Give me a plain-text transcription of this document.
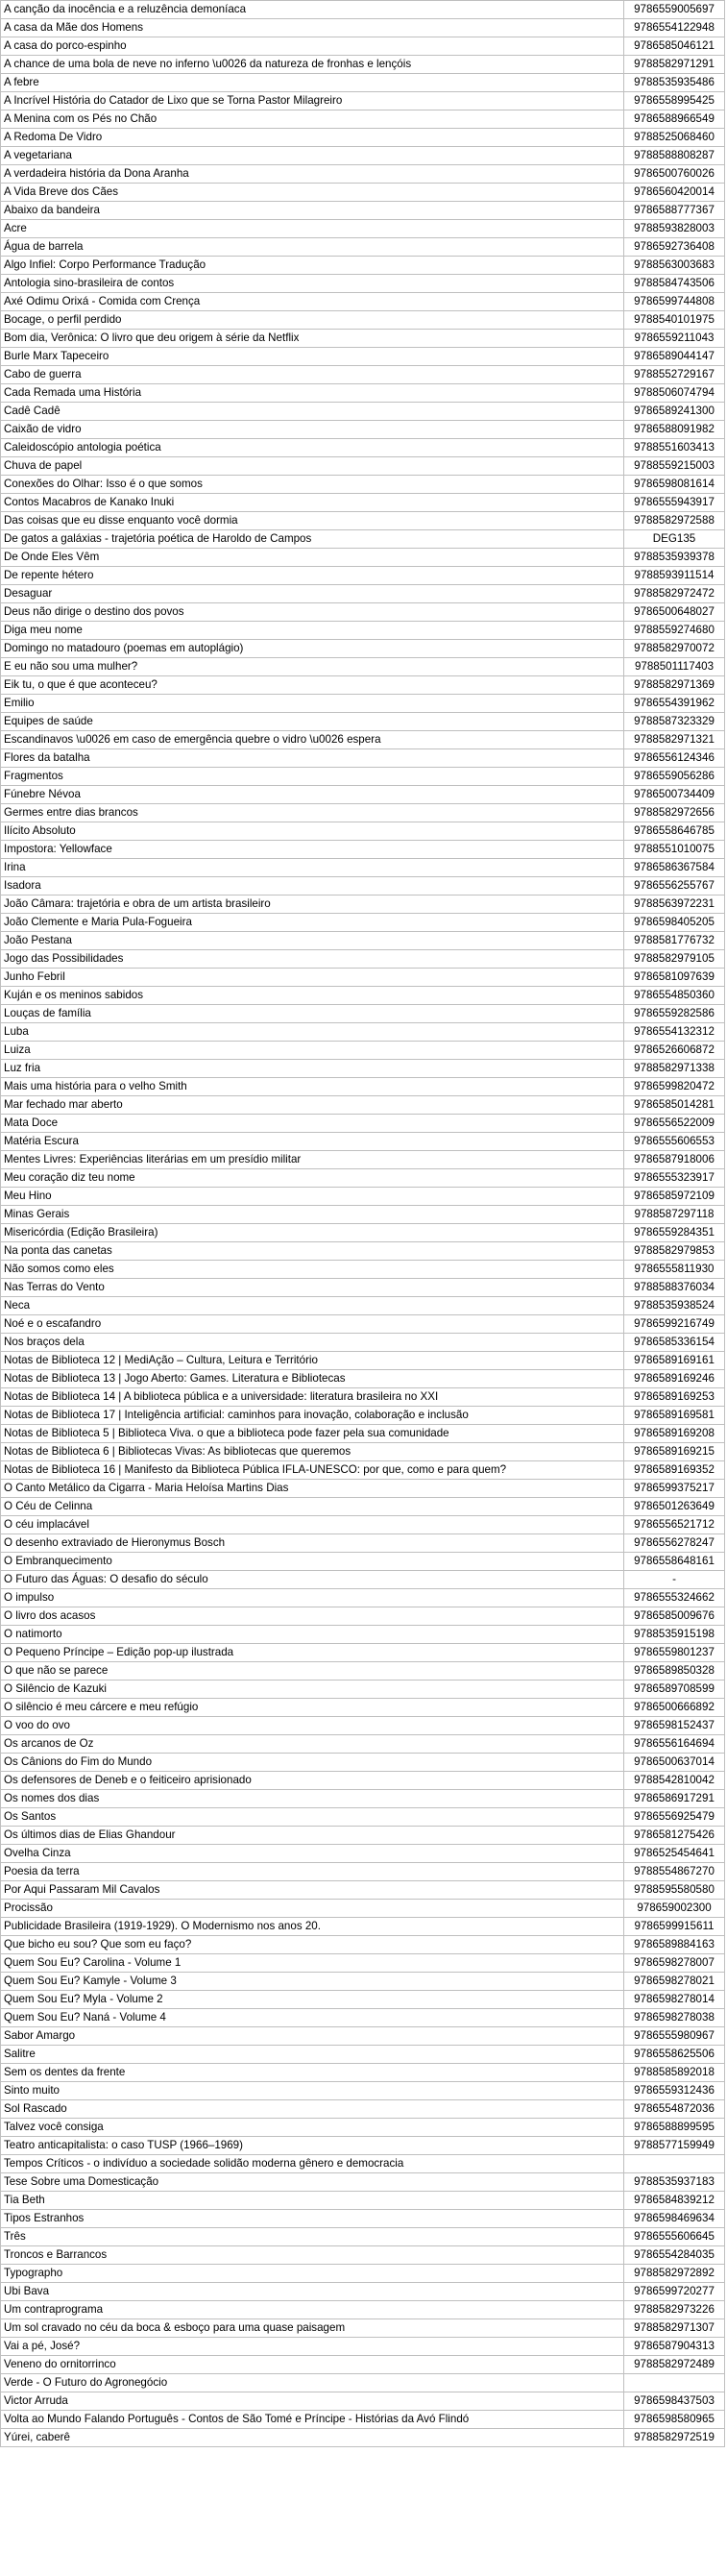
A canção da inocência e a reluzência demoníaca	9786559005697
A casa da Mãe dos Homens	9786554122948
A casa do porco-espinho	9786585046121
A chance de uma bola de neve no inferno \u0026 da natureza de fronhas e lençóis	9788582971291
A febre	9788535935486
A Incrível História do Catador de Lixo que se Torna Pastor Milagreiro	9786558995425
A Menina com os Pés no Chão	9786588966549
A Redoma De Vidro	9788525068460
A vegetariana	9788588808287
A verdadeira história da Dona Aranha	9786500760026
A Vida Breve dos Cães	9786560420014
Abaixo da bandeira	9786588777367
Acre	9788593828003
Água de barrela	9786592736408
Algo Infiel: Corpo Performance Tradução	9788563003683
Antologia sino-brasileira de contos	9788584743506
Axé Odimu Orixá - Comida com Crença	9786599744808
Bocage, o perfil perdido	9788540101975
Bom dia, Verônica: O livro que deu origem à série da Netflix	9786559211043
Burle Marx Tapeceiro	9786589044147
Cabo de guerra	9788552729167
Cada Remada uma História	9788506074794
Cadê Cadê	9786589241300
Caixão de vidro	9786588091982
Caleidoscópio antologia poética	9788551603413
Chuva de papel	9788559215003
Conexões do Olhar: Isso é o que somos	9786598081614
Contos Macabros de Kanako Inuki	9786555943917
Das coisas que eu disse enquanto você dormia	9788582972588
De gatos a galáxias - trajetória poética de Haroldo de Campos	DEG135
De Onde Eles Vêm	9788535939378
De repente hétero	9788593911514
Desaguar	9788582972472
Deus não dirige o destino dos povos	9786500648027
Diga meu nome	9788559274680
Domingo no matadouro (poemas em autoplágio)	9788582970072
E eu não sou uma mulher?	9788501117403
Eik tu, o que é que aconteceu?	9788582971369
Emilio	9786554391962
Equipes de saúde	9788587323329
Escandinavos \u0026 em caso de emergência quebre o vidro \u0026 espera	9788582971321
Flores da batalha	9786556124346
Fragmentos	9786559056286
Fúnebre Névoa	9786500734409
Germes entre dias brancos	9788582972656
Ilícito Absoluto	9786558646785
Impostora: Yellowface	9788551010075
Irina	9786586367584
Isadora	9786556255767
João Câmara: trajetória e obra de um artista brasileiro	9788563972231
João Clemente e Maria Pula-Fogueira	9786598405205
João Pestana	9788581776732
Jogo das Possibilidades	9788582979105
Junho Febril	9786581097639
Kuján e os meninos sabidos	9786554850360
Louças de família	9786559282586
Luba	9786554132312
Luiza	9786526606872
Luz fria	9788582971338
Mais uma história para o velho Smith	9786599820472
Mar fechado mar aberto	9786585014281
Mata Doce	9786556522009
Matéria Escura	9786555606553
Mentes Livres: Experiências literárias em um presídio militar	9786587918006
Meu coração diz teu nome	9786555323917
Meu Hino	9786585972109
Minas Gerais	9788587297118
Misericórdia (Edição Brasileira)	9786559284351
Na ponta das canetas	9788582979853
Não somos como eles	9786555811930
Nas Terras do Vento	9788588376034
Neca	9788535938524
Noé e o escafandro	9786599216749
Nos braços dela	9786585336154
Notas de Biblioteca 12 | MediAção – Cultura, Leitura e Território	9786589169161
Notas de Biblioteca 13 | Jogo Aberto: Games. Literatura e Bibliotecas	9786589169246
Notas de Biblioteca 14 | A biblioteca pública e a universidade: literatura brasileira no XXI	9786589169253
Notas de Biblioteca 17 | Inteligência artificial: caminhos para inovação, colaboração e inclusão	9786589169581
Notas de Biblioteca 5 | Biblioteca Viva. o que a biblioteca pode fazer pela sua comunidade	9786589169208
Notas de Biblioteca 6 | Bibliotecas Vivas: As bibliotecas que queremos	9786589169215
Notas de Biblioteca 16 | Manifesto da Biblioteca Pública IFLA-UNESCO: por que, como e para quem?	9786589169352
O Canto Metálico da Cigarra - Maria Heloísa Martins Dias	9786599375217
O Céu de Celinna	9786501263649
O céu implacável	9786556521712
O desenho extraviado de Hieronymus Bosch	9786556278247
O Embranquecimento	9786558648161
O Futuro das Águas: O desafio do século	-
O impulso	9786555324662
O livro dos acasos	9786585009676
O natimorto	9788535915198
O Pequeno Príncipe – Edição pop-up ilustrada	9786559801237
O que não se parece	9786589850328
O Silêncio de Kazuki	9786589708599
O silêncio é meu cárcere e meu refúgio	9786500666892
O voo do ovo	9786598152437
Os arcanos de Oz	9786556164694
Os Cânions do Fim do Mundo	9786500637014
Os defensores de Deneb e o feiticeiro aprisionado	9788542810042
Os nomes dos dias	9786586917291
Os Santos	9786556925479
Os últimos dias de Elias Ghandour	9786581275426
Ovelha Cinza	9786525454641
Poesia da terra	9788554867270
Por Aqui Passaram Mil Cavalos	9788595580580
Procissão	978659002300
Publicidade Brasileira (1919-1929). O Modernismo nos anos 20.	9786599915611
Que bicho eu sou? Que som eu faço?	9786589884163
Quem Sou Eu? Carolina - Volume 1	9786598278007
Quem Sou Eu? Kamyle - Volume 3	9786598278021
Quem Sou Eu? Myla - Volume 2	9786598278014
Quem Sou Eu? Naná - Volume 4	9786598278038
Sabor Amargo	9786555980967
Salitre	9786558625506
Sem os dentes da frente	9788585892018
Sinto muito	9786559312436
Sol Rascado	9786554872036
Talvez você consiga	9786588899595
Teatro anticapitalista: o caso TUSP (1966–1969)	9788577159949
Tempos Críticos - o indivíduo a sociedade solidão moderna gênero e democracia	
Tese Sobre uma Domesticação	9788535937183
Tia Beth	9786584839212
Tipos Estranhos	9786598469634
Três	9786555606645
Troncos e Barrancos	9786554284035
Typographo	9788582972892
Ubi Bava	9786599720277
Um contraprograma	9788582973226
Um sol cravado no céu da boca & esboço para uma quase paisagem	9788582971307
Vai a pé, José?	9786587904313
Veneno do ornitorrinco	9788582972489
Verde - O Futuro do Agronegócio	
Victor Arruda	9786598437503
Volta ao Mundo Falando Português - Contos de São Tomé e Príncipe - Histórias da Avó Flindó	9786598580965
Yúrei, caberê	9788582972519
